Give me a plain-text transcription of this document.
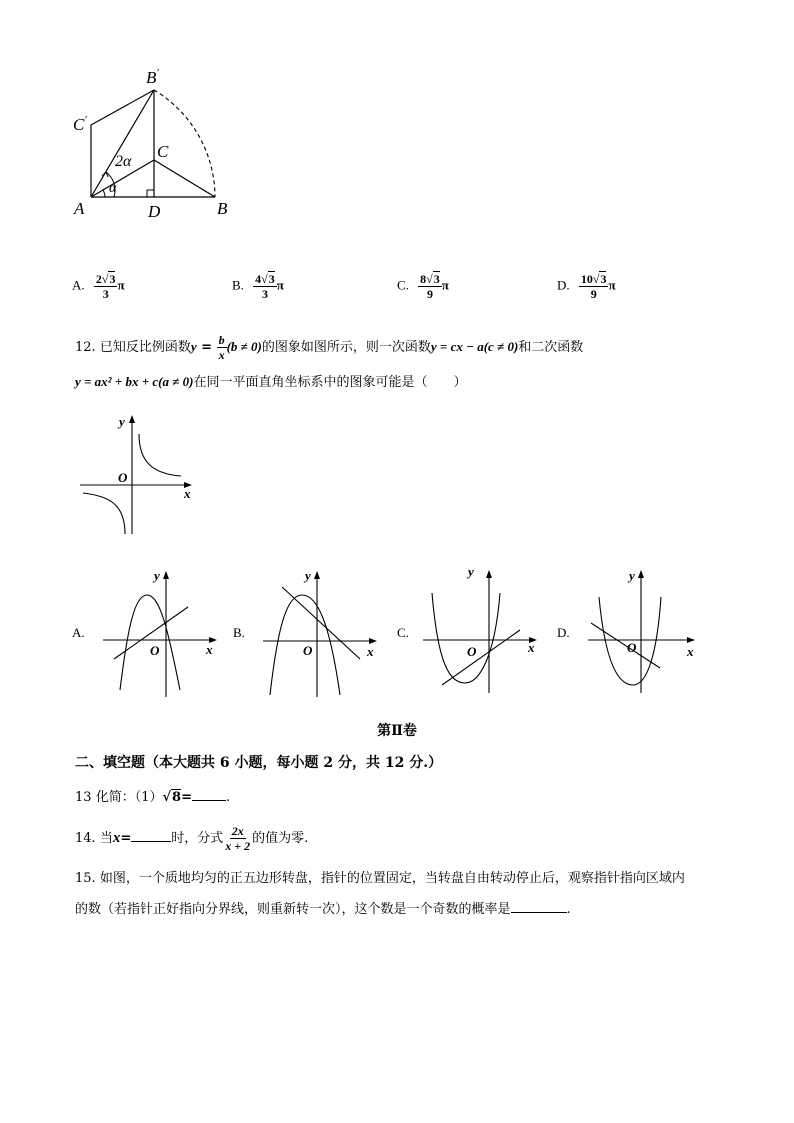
B′
C′
C
2α
α
A	D	B
A. $\frac{2√3}{3}$ π	B. $\frac{4√3}{3}$ π	C. $\frac{8√3}{9}$ π	D. $\frac{10√3}{9}$ π
12. 已知反比例函数$y = \frac{b}{x} (b \ne 0)$的图象如图所示，则一次函数y = cx − a(c ≠ 0)和二次函数
y = ax² + bx + c(a ≠ 0)在同一平面直角坐标系中的图象可能是（　　）
y
O
x
A.
y
O	x
B.
y
O	x
C.
y
O	x
D.
y
O	x
第Ⅱ卷
二、填空题（本大题共 6 小题，每小题 2 分，共 12 分.）
13 化简：（1）√8=	.
14. 当x=	时，分式 $\frac{2x}{x + 2}$ 的值为零.
15. 如图，一个质地均匀的正五边形转盘，指针的位置固定，当转盘自由转动停止后，观察指针指向区域内
的数（若指针正好指向分界线，则重新转一次），这个数是一个奇数的概率是	.
